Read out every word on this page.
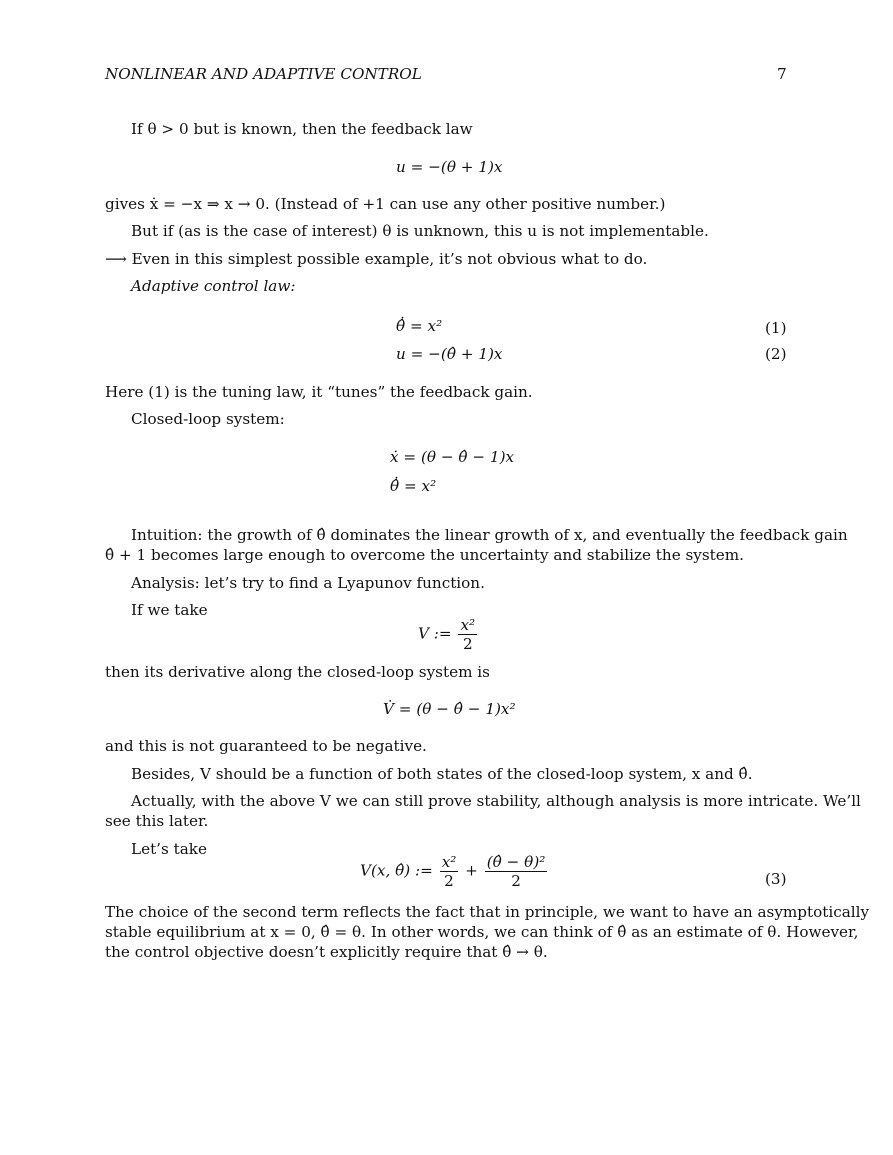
NONLINEAR AND ADAPTIVE CONTROL	7
If θ > 0 but is known, then the feedback law
u = −(θ + 1)x
gives ẋ = −x ⇒ x → 0. (Instead of +1 can use any other positive number.)
But if (as is the case of interest) θ is unknown, this u is not implementable.
⟶ Even in this simplest possible example, it’s not obvious what to do.
Adaptive control law:
θ̂̇ = x²	(1)
u = −(θ̂ + 1)x	(2)
Here (1) is the tuning law, it “tunes” the feedback gain.
Closed-loop system:
ẋ = (θ − θ̂ − 1)x
θ̂̇ = x²
Intuition: the growth of θ̂ dominates the linear growth of x, and eventually the feedback gain
θ̂ + 1 becomes large enough to overcome the uncertainty and stabilize the system.
Analysis: let’s try to find a Lyapunov function.
If we take
V := $\frac{\text{x²}}{2}$
then its derivative along the closed-loop system is
V̇ = (θ − θ̂ − 1)x²
and this is not guaranteed to be negative.
Besides, V should be a function of both states of the closed-loop system, x and θ̂.
Actually, with the above V we can still prove stability, although analysis is more intricate. We’ll
see this later.
Let’s take
V(x, θ̂) := $\frac{\text{x²}}{2} + \frac{\text{(θ̂ − θ)²}}{2}$	(3)
The choice of the second term reflects the fact that in principle, we want to have an asymptotically
stable equilibrium at x = 0, θ̂ = θ. In other words, we can think of θ̂ as an estimate of θ. However,
the control objective doesn’t explicitly require that θ̂ → θ.
